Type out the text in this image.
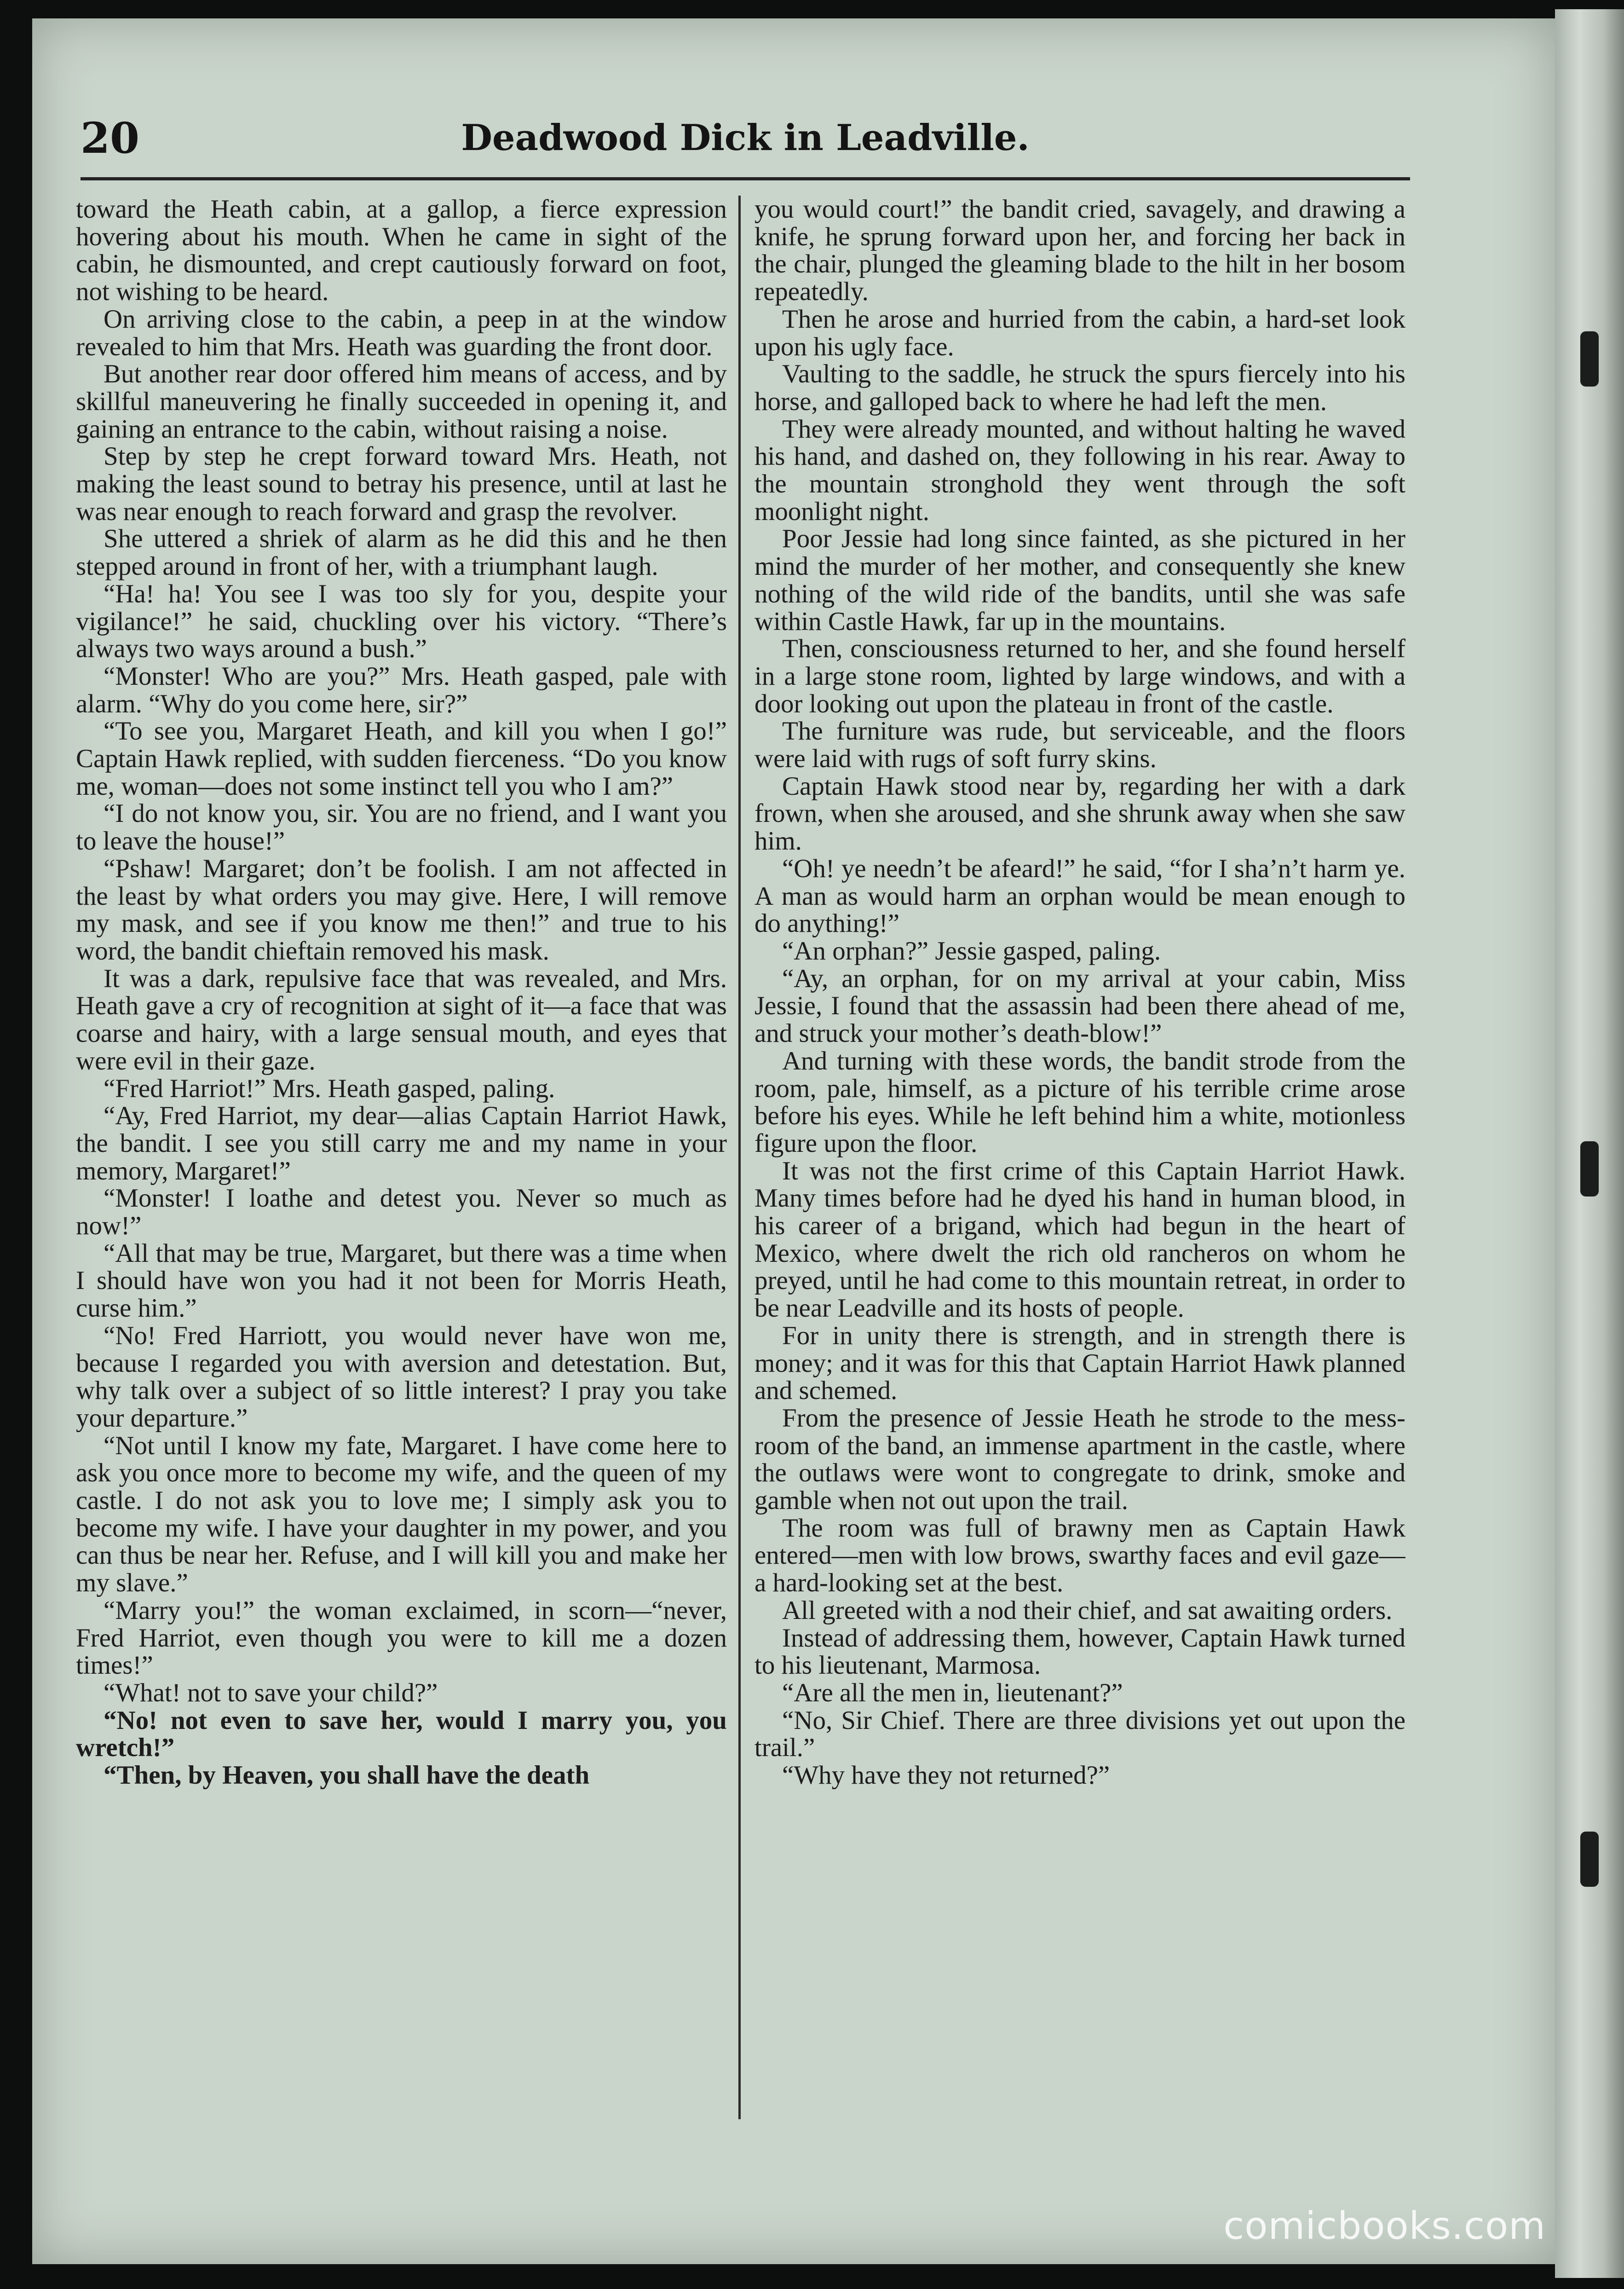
Deadwood Dick in Leadville.
20

toward the Heath cabin, at a gallop, a fierce expression hovering about his mouth. When he came in sight of the cabin, he dismounted, and crept cautiously forward on foot, not wishing to be heard.

On arriving close to the cabin, a peep in at the window revealed to him that Mrs. Heath was guarding the front door.

But another rear door offered him means of access, and by skillful maneuvering he finally succeeded in opening it, and gaining an entrance to the cabin, without raising a noise.

Step by step he crept forward toward Mrs. Heath, not making the least sound to betray his presence, until at last he was near enough to reach forward and grasp the revolver.

She uttered a shriek of alarm as he did this and he then stepped around in front of her, with a triumphant laugh.

“Ha! ha! You see I was too sly for you, despite your vigilance!” he said, chuckling over his victory. “There’s always two ways around a bush.”

“Monster! Who are you?” Mrs. Heath gasped, pale with alarm. “Why do you come here, sir?”

“To see you, Margaret Heath, and kill you when I go!” Captain Hawk replied, with sudden fierceness. “Do you know me, woman—does not some instinct tell you who I am?”

“I do not know you, sir. You are no friend, and I want you to leave the house!”

“Pshaw! Margaret; don’t be foolish. I am not affected in the least by what orders you may give. Here, I will remove my mask, and see if you know me then!” and true to his word, the bandit chieftain removed his mask.

It was a dark, repulsive face that was revealed, and Mrs. Heath gave a cry of recognition at sight of it—a face that was coarse and hairy, with a large sensual mouth, and eyes that were evil in their gaze.

“Fred Harriot!” Mrs. Heath gasped, paling.

“Ay, Fred Harriot, my dear—alias Captain Harriot Hawk, the bandit. I see you still carry me and my name in your memory, Margaret!”

“Monster! I loathe and detest you. Never so much as now!”

“All that may be true, Margaret, but there was a time when I should have won you had it not been for Morris Heath, curse him.”

“No! Fred Harriott, you would never have won me, because I regarded you with aversion and detestation. But, why talk over a subject of so little interest? I pray you take your departure.”

“Not until I know my fate, Margaret. I have come here to ask you once more to become my wife, and the queen of my castle. I do not ask you to love me; I simply ask you to become my wife. I have your daughter in my power, and you can thus be near her. Refuse, and I will kill you and make her my slave.”

“Marry you!” the woman exclaimed, in scorn—“never, Fred Harriot, even though you were to kill me a dozen times!”

“What! not to save your child?”

“No! not even to save her, would I marry you, you wretch!”

“Then, by Heaven, you shall have the death

you would court!” the bandit cried, savagely, and drawing a knife, he sprung forward upon her, and forcing her back in the chair, plunged the gleaming blade to the hilt in her bosom repeatedly.

Then he arose and hurried from the cabin, a hard-set look upon his ugly face.

Vaulting to the saddle, he struck the spurs fiercely into his horse, and galloped back to where he had left the men.

They were already mounted, and without halting he waved his hand, and dashed on, they following in his rear. Away to the mountain stronghold they went through the soft moonlight night.

Poor Jessie had long since fainted, as she pictured in her mind the murder of her mother, and consequently she knew nothing of the wild ride of the bandits, until she was safe within Castle Hawk, far up in the mountains.

Then, consciousness returned to her, and she found herself in a large stone room, lighted by large windows, and with a door looking out upon the plateau in front of the castle.

The furniture was rude, but serviceable, and the floors were laid with rugs of soft furry skins.

Captain Hawk stood near by, regarding her with a dark frown, when she aroused, and she shrunk away when she saw him.

“Oh! ye needn’t be afeard!” he said, “for I sha’n’t harm ye. A man as would harm an orphan would be mean enough to do anything!”

“An orphan?” Jessie gasped, paling.

“Ay, an orphan, for on my arrival at your cabin, Miss Jessie, I found that the assassin had been there ahead of me, and struck your mother’s death-blow!”

And turning with these words, the bandit strode from the room, pale, himself, as a picture of his terrible crime arose before his eyes. While he left behind him a white, motionless figure upon the floor.

It was not the first crime of this Captain Harriot Hawk. Many times before had he dyed his hand in human blood, in his career of a brigand, which had begun in the heart of Mexico, where dwelt the rich old rancheros on whom he preyed, until he had come to this mountain retreat, in order to be near Leadville and its hosts of people.

For in unity there is strength, and in strength there is money; and it was for this that Captain Harriot Hawk planned and schemed.

From the presence of Jessie Heath he strode to the mess-room of the band, an immense apartment in the castle, where the outlaws were wont to congregate to drink, smoke and gamble when not out upon the trail.

The room was full of brawny men as Captain Hawk entered—men with low brows, swarthy faces and evil gaze—a hard-looking set at the best.

All greeted with a nod their chief, and sat awaiting orders.

Instead of addressing them, however, Captain Hawk turned to his lieutenant, Marmosa.

“Are all the men in, lieutenant?”

“No, Sir Chief. There are three divisions yet out upon the trail.”

“Why have they not returned?”

comicbooks.com
